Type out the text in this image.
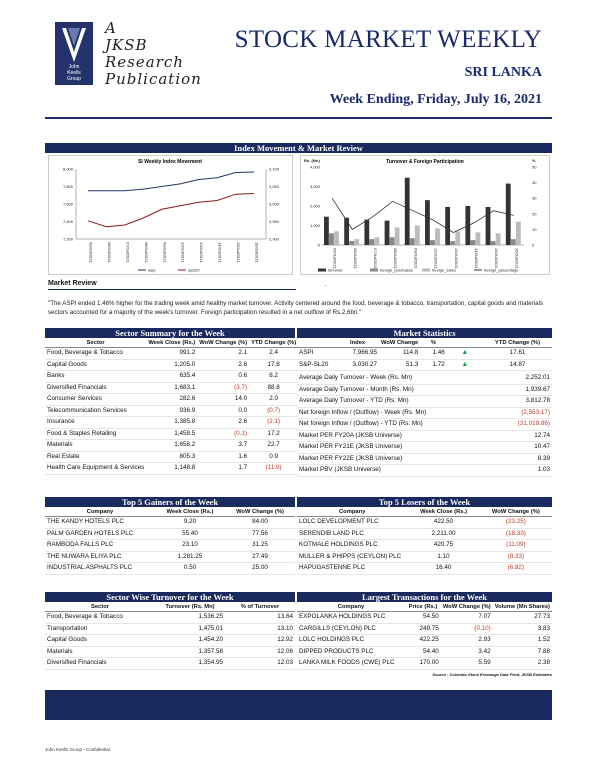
John
Keells
Group
A
JKSB
Research
Publication
STOCK MARKET WEEKLY
SRI LANKA
Week Ending, Friday, July 16, 2021
Index Movement & Market Review
SI Weekly Index Movement
8,000
7,800
7,600
7,400
7,200
3,100
3,050
3,000
2,950
2,900
09/Jul/2021	08/Jul/2021	07/Jul/2021	08/Jul/2021	09/Jul/2021	12/Jul/2021	13/Jul/2021	14/Jul/2021	15/Jul/2021	16/Jul/2021
aspi	spsl20
Turnover & Foreign Participation
Rs. (Mn)	%
4,000
3,000
2,000
1,000
0
50
40
30
20
10
0
05/Jul/2021	06/Jul/2021	07/Jul/2021	08/Jul/2021	09/Jul/2021	12/Jul/2021	13/Jul/2021	14/Jul/2021	15/Jul/2021	16/Jul/2021
turnover	foreign_purchases	foreign_sales	foreign_percentage
Market Review	.
"The ASPI ended 1.46% higher for the trading week amid healthy market turnover. Activity centered around the food, beverage & tobacco, transportation, capital goods and materials sectors accounted for a majority of the week's turnover. Foreign participation resulted in a net outflow of Rs.2.6bn."
Sector Summary for the Week
Sector	Week Close (Rs.)	WoW Change (%)	YTD Change (%)
Food, Beverage & Tobacco	991.2	2.1	2.4
Capital Goods	1,205.0	2.6	17.8
Banks	635.4	0.6	8.2
Diversified Financials	1,683.1	(3.7)	88.8
Consumer Services	282.6	14.0	2.0
Telecommunication Services	936.9	0.0	(0.7)
Insurance	1,385.8	2.6	(2.1)
Food & Staples Retailing	1,458.5	(0.1)	17.2
Materials	1,658.2	3.7	22.7
Real Estate	805.3	1.6	0.9
Health Care Equipment & Services	1,148.8	1.7	(11.9)
Market Statistics
	Index	WoW Change	%		YTD Change (%)
ASPI	7,966.95	114.8	1.46	▲	17.61
S&P-SL20	3,030.27	51.3	1.72	▲	14.87
Average Daily Turnover - Week (Rs. Mn)	2,252.01
Average Daily Turnover - Month (Rs. Mn)	1,939.67
Average Daily Turnover - YTD (Rs. Mn)	3,812.78
Net foreign Inflow / (Outflow) - Week (Rs. Mn)	(2,553.17)
Net foreign Inflow / (Outflow) - YTD (Rs. Mn)	(31,019.86)
Market PER FY20A (JKSB Universe)	12.74
Market PER FY21E (JKSB Universe)	10.47
Market PER FY22E (JKSB Universe)	8.39
Market PBV (JKSB Universe)	1.03
Top 5 Gainers of the Week
Company	Week Close (Rs.)	WoW Change (%)
THE KANDY HOTELS PLC	9.20	84.00
PALM GARDEN HOTELS PLC	55.40	77.56
RAMBODA FALLS PLC	23.10	31.25
THE NUWARA ELIYA PLC	1,281.25	27.49
INDUSTRIAL ASPHALTS PLC	0.50	25.00
Top 5 Losers of the Week
Company	Week Close (Rs.)	WoW Change (%)
LOLC DEVELOPMENT PLC	422.50	(23.25)
SERENDIB LAND PLC	2,211.00	(18.33)
KOTMALE HOLDINGS PLC	420.75	(11.09)
MULLER & PHIPPS (CEYLON) PLC	1.10	(8.33)
HAPUGASTENNE PLC	16.40	(6.82)
Sector Wise Turnover for the Week
Sector	Turnover (Rs. Mn)	% of Turnover
Food, Beverage & Tobacco	1,536.25	13.64
Transportation	1,475.01	13.10
Capital Goods	1,454.20	12.92
Materials	1,357.58	12.06
Diversified Financials	1,354.95	12.03
Largest Transactions for the Week
Company	Price (Rs.)	WoW Change (%)	Volume (Mn Shares)
EXPOLANKA HOLDINGS PLC	54.50	7.07	27.73
CARGILLS (CEYLON) PLC	249.75	(0.10)	3.83
LOLC HOLDINGS PLC	422.25	2.93	1.52
DIPPED PRODUCTS PLC	54.40	3.42	7.88
LANKA MILK FOODS (CWE) PLC	170.00	5.59	2.38
Source : Colombo Stock Exchange Data Feed, JKSB Estimates
John Keells Group - Confidential
